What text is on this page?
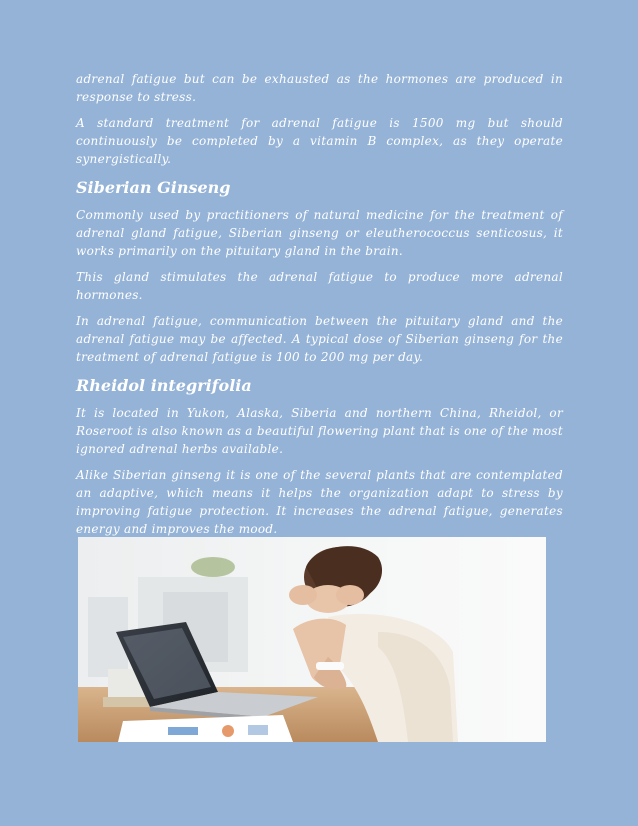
adrenal fatigue but can be exhausted as the hormones are produced in response to stress.

A standard treatment for adrenal fatigue is 1500 mg but should continuously be completed by a vitamin B complex, as they operate synergistically.

Siberian Ginseng

Commonly used by practitioners of natural medicine for the treatment of adrenal gland fatigue, Siberian ginseng or eleutherococcus senticosus, it works primarily on the pituitary gland in the brain.

This gland stimulates the adrenal fatigue to produce more adrenal hormones.

In adrenal fatigue, communication between the pituitary gland and the adrenal fatigue may be affected. A typical dose of Siberian ginseng for the treatment of adrenal fatigue is 100 to 200 mg per day.

Rheidol integrifolia

It is located in Yukon, Alaska, Siberia and northern China, Rheidol, or Roseroot is also known as a beautiful flowering plant that is one of the most ignored adrenal herbs available.

Alike Siberian ginseng it is one of the several plants that are contemplated an adaptive, which means it helps the organization adapt to stress by improving fatigue protection. It increases the adrenal fatigue, generates energy and improves the mood.
